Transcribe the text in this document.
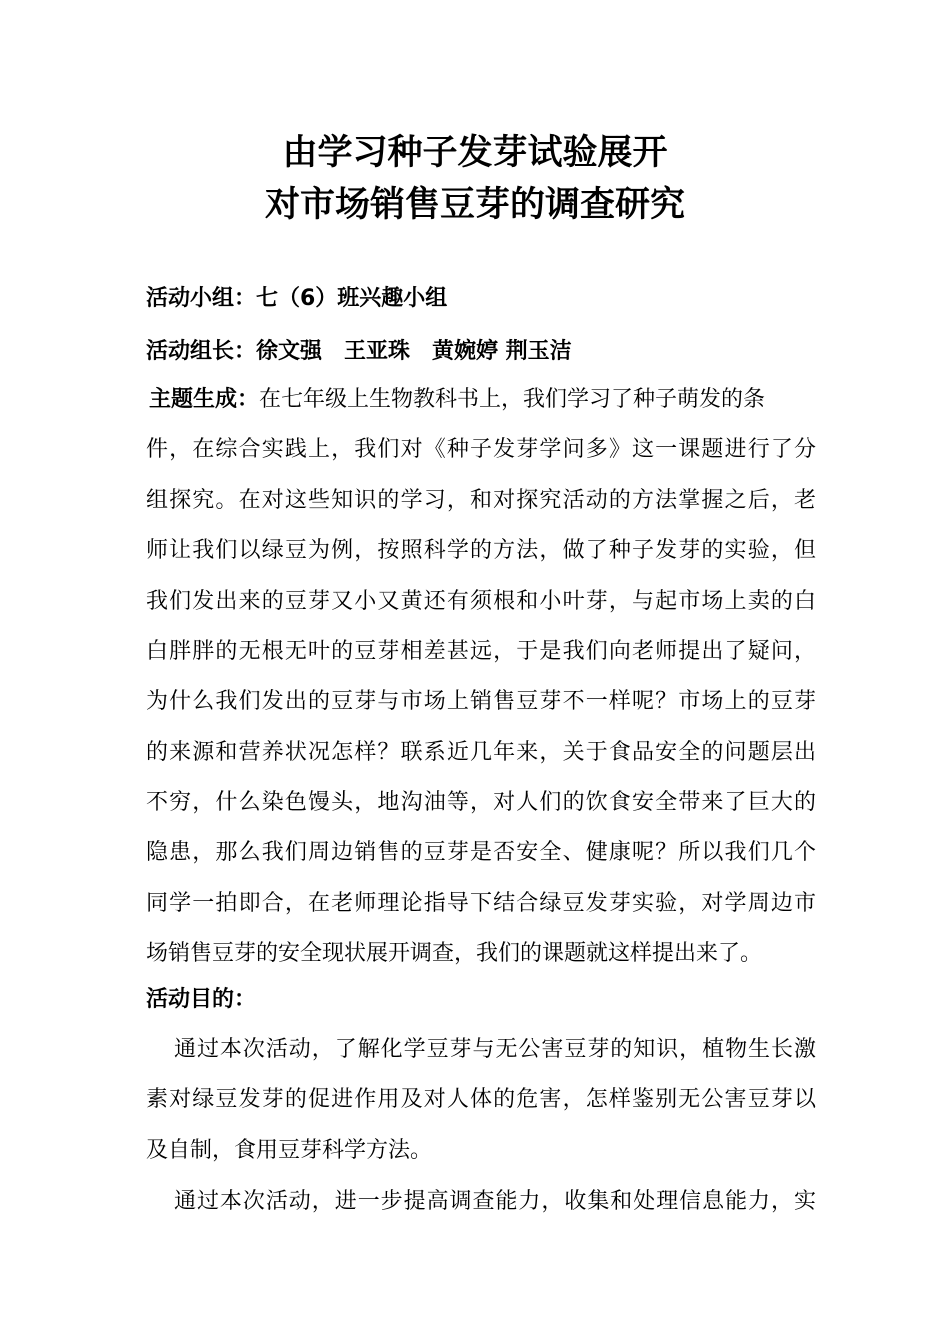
由学习种子发芽试验展开
对市场销售豆芽的调查研究
活动小组：七（6）班兴趣小组
活动组长：徐文强　王亚珠　黄婉婷 荆玉洁
主题生成：在七年级上生物教科书上，我们学习了种子萌发的条
件，在综合实践上，我们对《种子发芽学问多》这一课题进行了分
组探究。在对这些知识的学习，和对探究活动的方法掌握之后，老
师让我们以绿豆为例，按照科学的方法，做了种子发芽的实验，但
我们发出来的豆芽又小又黄还有须根和小叶芽，与起市场上卖的白
白胖胖的无根无叶的豆芽相差甚远，于是我们向老师提出了疑问，
为什么我们发出的豆芽与市场上销售豆芽不一样呢？市场上的豆芽
的来源和营养状况怎样？联系近几年来，关于食品安全的问题层出
不穷，什么染色馒头，地沟油等，对人们的饮食安全带来了巨大的
隐患，那么我们周边销售的豆芽是否安全、健康呢？所以我们几个
同学一拍即合，在老师理论指导下结合绿豆发芽实验，对学周边市
场销售豆芽的安全现状展开调查，我们的课题就这样提出来了。
活动目的：
通过本次活动，了解化学豆芽与无公害豆芽的知识，植物生长激
素对绿豆发芽的促进作用及对人体的危害，怎样鉴别无公害豆芽以
及自制，食用豆芽科学方法。
通过本次活动，进一步提高调查能力，收集和处理信息能力，实
